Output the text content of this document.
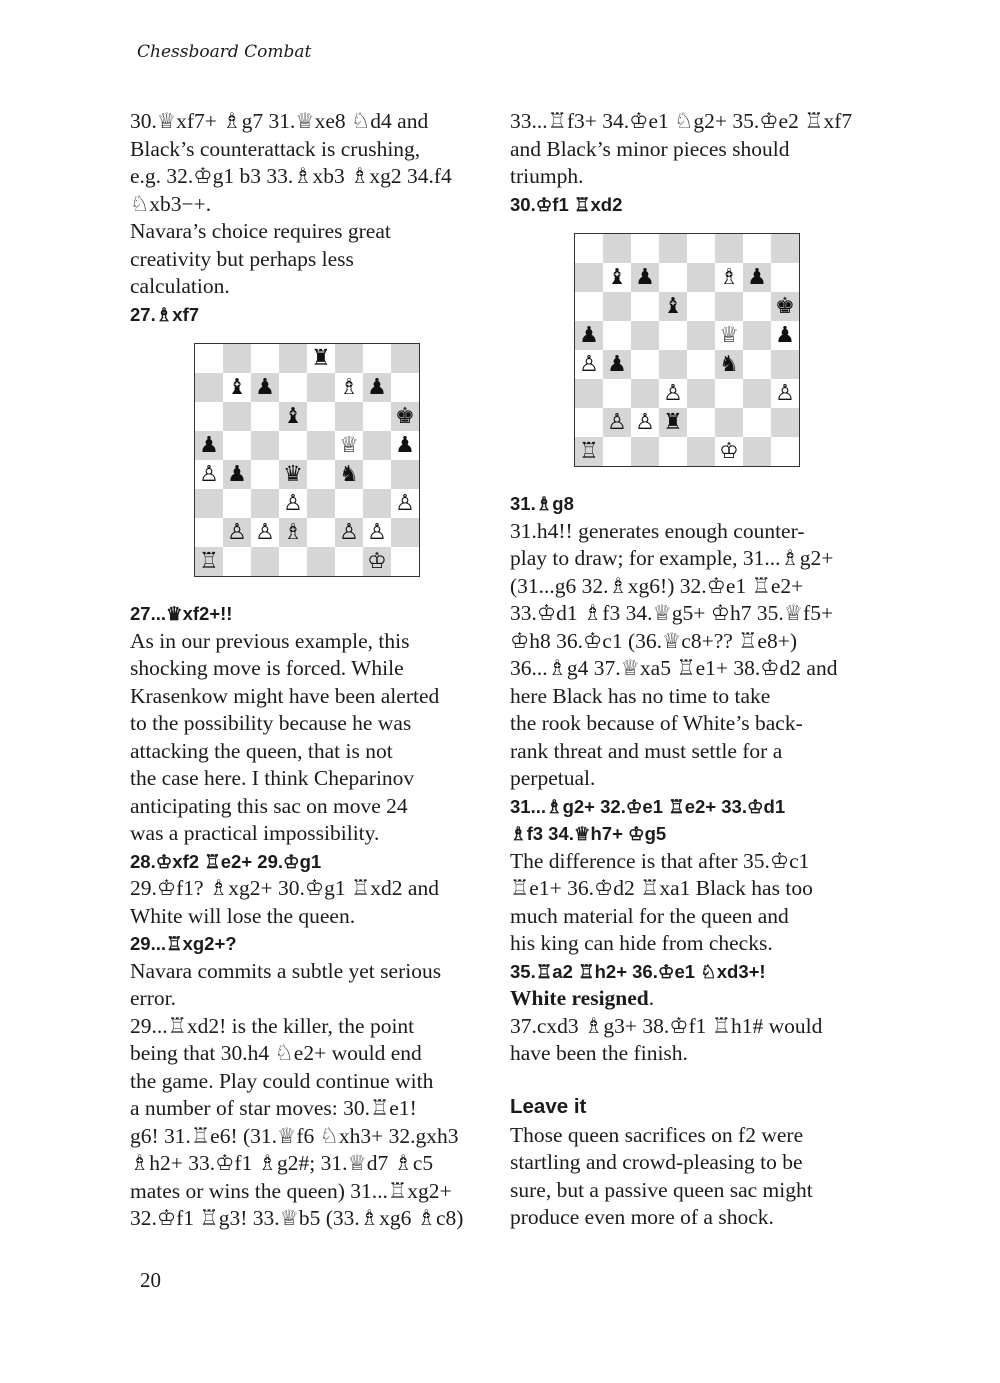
Chessboard Combat

30.♕xf7+ ♗g7 31.♕xe8 ♘d4 and

Black’s counterattack is crushing,

e.g. 32.♔g1 b3 33.♗xb3 ♗xg2 34.f4

♘xb3−+.

Navara’s choice requires great

creativity but perhaps less

calculation.

27.♗xf7

♜
♝ ♟	♗ ♟
♝	♚
♟	♕ ♟
♙ ♟ ♛ ♞
♙	♙
♙ ♙ ♗ ♙ ♙
♖	♔

27...♛xf2+!!

As in our previous example, this

shocking move is forced. While

Krasenkow might have been alerted

to the possibility because he was

attacking the queen, that is not

the case here. I think Cheparinov

anticipating this sac on move 24

was a practical impossibility.

28.♔xf2 ♖e2+ 29.♔g1

29.♔f1? ♗xg2+ 30.♔g1 ♖xd2 and

White will lose the queen.

29...♖xg2+?

Navara commits a subtle yet serious

error.

29...♖xd2! is the killer, the point

being that 30.h4 ♘e2+ would end

the game. Play could continue with

a number of star moves: 30.♖e1!

g6! 31.♖e6! (31.♕f6 ♘xh3+ 32.gxh3

♗h2+ 33.♔f1 ♗g2#; 31.♕d7 ♗c5

mates or wins the queen) 31...♖xg2+

32.♔f1 ♖g3! 33.♕b5 (33.♗xg6 ♗c8)

33...♖f3+ 34.♔e1 ♘g2+ 35.♔e2 ♖xf7

and Black’s minor pieces should

triumph.

30.♔f1 ♖xd2

♝ ♟	♗ ♟
♝	♚
♟	♕ ♟
♙ ♟	♞
♙	♙
♙ ♙ ♜
♖	♔

31.♗g8

31.h4!! generates enough counter-

play to draw; for example, 31...♗g2+

(31...g6 32.♗xg6!) 32.♔e1 ♖e2+

33.♔d1 ♗f3 34.♕g5+ ♔h7 35.♕f5+

♔h8 36.♔c1 (36.♕c8+?? ♖e8+)

36...♗g4 37.♕xa5 ♖e1+ 38.♔d2 and

here Black has no time to take

the rook because of White’s back-

rank threat and must settle for a

perpetual.

31...♗g2+ 32.♔e1 ♖e2+ 33.♔d1

♗f3 34.♕h7+ ♔g5

The difference is that after 35.♔c1

♖e1+ 36.♔d2 ♖xa1 Black has too

much material for the queen and

his king can hide from checks.

35.♖a2 ♖h2+ 36.♔e1 ♘xd3+!

White resigned.

37.cxd3 ♗g3+ 38.♔f1 ♖h1# would

have been the finish.

Leave it

Those queen sacrifices on f2 were

startling and crowd-pleasing to be

sure, but a passive queen sac might

produce even more of a shock.

20
